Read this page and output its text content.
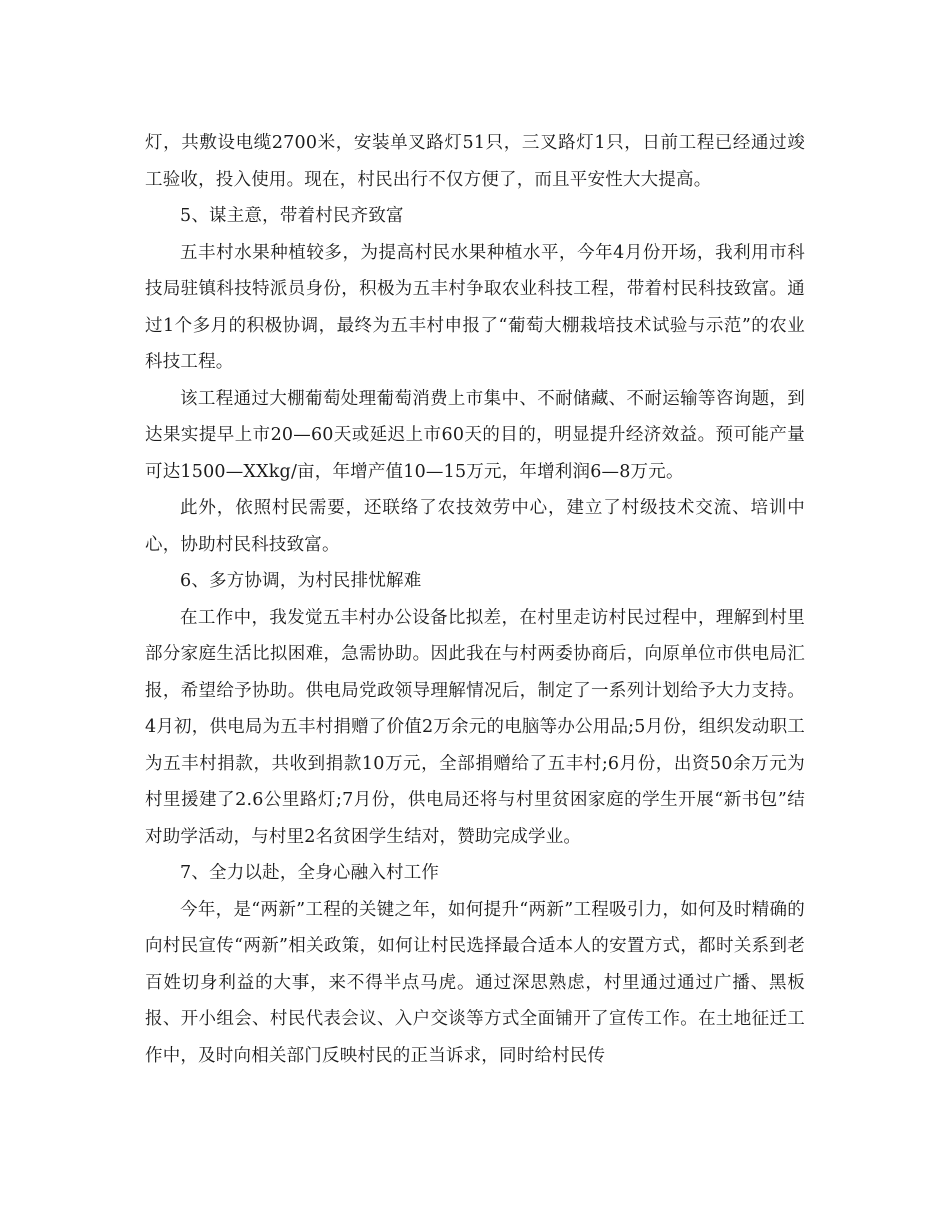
灯，共敷设电缆2700米，安装单叉路灯51只，三叉路灯1只，日前工程已经通过竣工验收，投入使用。现在，村民出行不仅方便了，而且平安性大大提高。

5、谋主意，带着村民齐致富

五丰村水果种植较多，为提高村民水果种植水平，今年4月份开场，我利用市科技局驻镇科技特派员身份，积极为五丰村争取农业科技工程，带着村民科技致富。通过1个多月的积极协调，最终为五丰村申报了“葡萄大棚栽培技术试验与示范”的农业科技工程。

该工程通过大棚葡萄处理葡萄消费上市集中、不耐储藏、不耐运输等咨询题，到达果实提早上市20—60天或延迟上市60天的目的，明显提升经济效益。预可能产量可达1500—XXkg/亩，年增产值10—15万元，年增利润6—8万元。

此外，依照村民需要，还联络了农技效劳中心，建立了村级技术交流、培训中心，协助村民科技致富。

6、多方协调，为村民排忧解难

在工作中，我发觉五丰村办公设备比拟差，在村里走访村民过程中，理解到村里部分家庭生活比拟困难，急需协助。因此我在与村两委协商后，向原单位市供电局汇报，希望给予协助。供电局党政领导理解情况后，制定了一系列计划给予大力支持。4月初，供电局为五丰村捐赠了价值2万余元的电脑等办公用品;5月份，组织发动职工为五丰村捐款，共收到捐款10万元，全部捐赠给了五丰村;6月份，出资50余万元为村里援建了2.6公里路灯;7月份，供电局还将与村里贫困家庭的学生开展“新书包”结对助学活动，与村里2名贫困学生结对，赞助完成学业。

7、全力以赴，全身心融入村工作

今年，是“两新”工程的关键之年，如何提升“两新”工程吸引力，如何及时精确的向村民宣传“两新”相关政策，如何让村民选择最合适本人的安置方式，都时关系到老百姓切身利益的大事，来不得半点马虎。通过深思熟虑，村里通过通过广播、黑板报、开小组会、村民代表会议、入户交谈等方式全面铺开了宣传工作。在土地征迁工作中，及时向相关部门反映村民的正当诉求，同时给村民传
